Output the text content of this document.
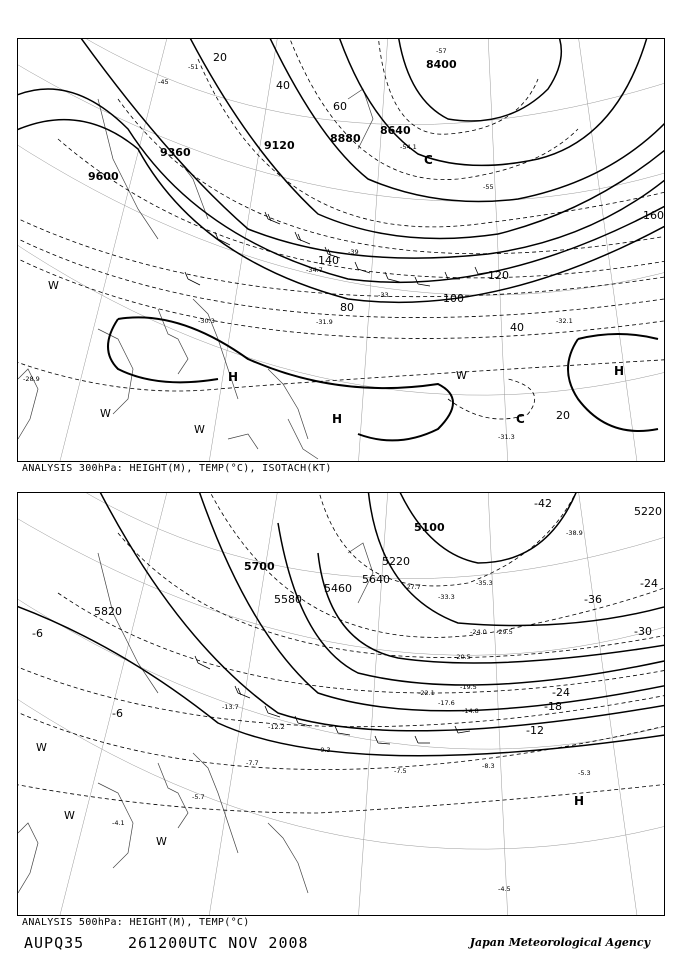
8400
8640
8880
9120
9360
9600
20
40
60
80
100
120
140
160
40
20
-57
-55
-54.1
-51
-45
-39
-34.7
-33
-31.9
-31.3
-30.3	-32.1
-28.9	H
H
H
C
C
W
W
W
W
ANALYSIS 300hPa: HEIGHT(M), TEMP(°C), ISOTACH(KT)
5100
5220
5220
5460
5580
5640
5700
5820
-42
-36
-30
-24
-24
-18
-12
-6
-6
-35.3
-33.3
-38.9
-27.7
-24.0 -29.5
-20.5
-19.5
-14.8
-7.7
-7.5
-9.3
-5.3
-8.3
-4.5
-4.1
-5.7
-13.7	-17.6
-22.1
-12.2
H
W
W
W
ANALYSIS 500hPa: HEIGHT(M), TEMP(°C)
AUPQ35	261200UTC NOV 2008	Japan Meteorological Agency
